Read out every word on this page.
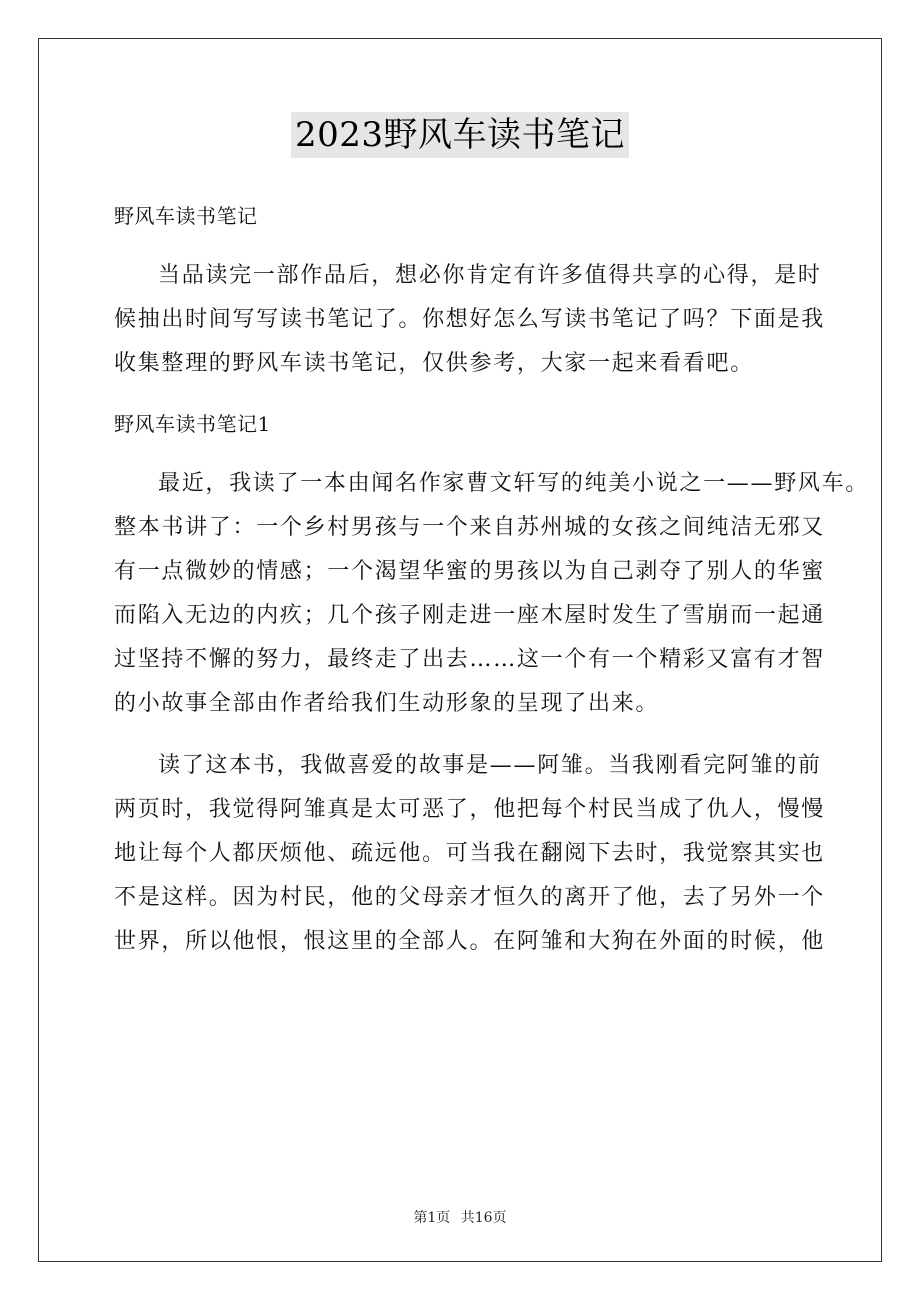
2023野风车读书笔记
野风车读书笔记
当品读完一部作品后，想必你肯定有许多值得共享的心得，是时
候抽出时间写写读书笔记了。你想好怎么写读书笔记了吗？下面是我
收集整理的野风车读书笔记，仅供参考，大家一起来看看吧。
野风车读书笔记1
最近，我读了一本由闻名作家曹文轩写的纯美小说之一——野风车。
整本书讲了：一个乡村男孩与一个来自苏州城的女孩之间纯洁无邪又
有一点微妙的情感；一个渴望华蜜的男孩以为自己剥夺了别人的华蜜
而陷入无边的内疚；几个孩子刚走进一座木屋时发生了雪崩而一起通
过坚持不懈的努力，最终走了出去……这一个有一个精彩又富有才智
的小故事全部由作者给我们生动形象的呈现了出来。
读了这本书，我做喜爱的故事是——阿雏。当我刚看完阿雏的前
两页时，我觉得阿雏真是太可恶了，他把每个村民当成了仇人，慢慢
地让每个人都厌烦他、疏远他。可当我在翻阅下去时，我觉察其实也
不是这样。因为村民，他的父母亲才恒久的离开了他，去了另外一个
世界，所以他恨，恨这里的全部人。在阿雏和大狗在外面的时候，他
第1页 共16页
